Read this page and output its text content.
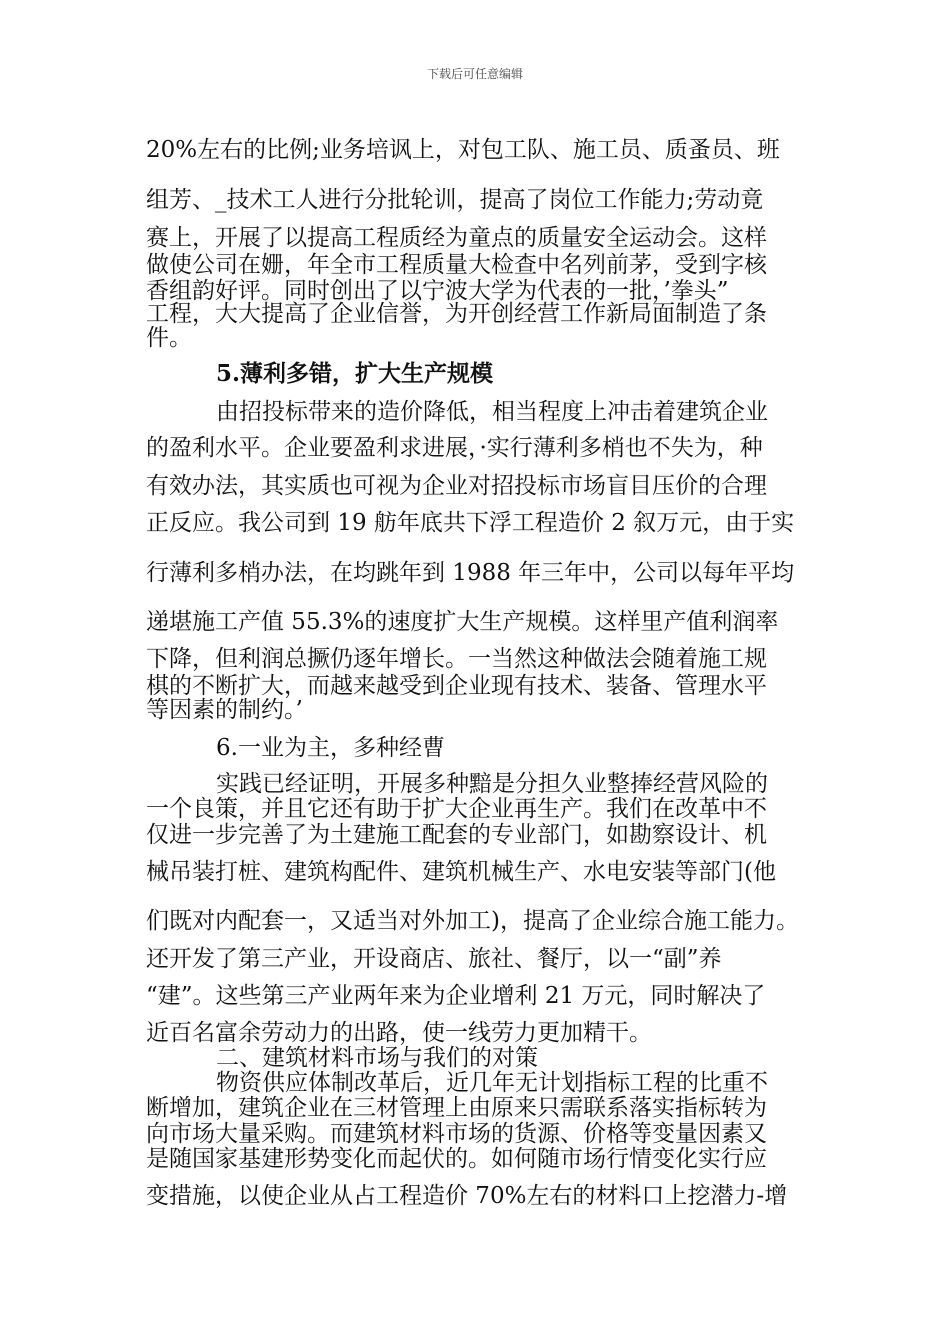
下载后可任意编辑
20%左右的比例;业务培讽上，对包工队、施工员、质蚤员、班
组芳、_技术工人进行分批轮训，提高了岗位工作能力;劳动竟
赛上，开展了以提高工程质经为童点的质量安全运动会。这样
做使公司在姗，年全市工程质量大检查中名列前茅，受到字核
香组韵好评。同时创出了以宁波大学为代表的一批，’拳头”
工程，大大提高了企业信誉，为开创经营工作新局面制造了条
件。
5.薄利多错，扩大生产规模
由招投标带来的造价降低，相当程度上冲击着建筑企业
的盈利水平。企业要盈利求进展，·实行薄利多梢也不失为，种
有效办法，其实质也可视为企业对招投标市场盲目压价的合理
正反应。我公司到 19 舫年底共下浮工程造价 2 叙万元，由于实
行薄利多梢办法，在均跳年到 1988 年三年中，公司以每年平均
递堪施工产值 55.3%的速度扩大生产规模。这样里产值利润率
下降，但利润总撅仍逐年增长。一当然这种做法会随着施工规
棋的不断扩大，而越来越受到企业现有技术、装备、管理水平
等因素的制约。’
6.一业为主，多种经曹
实践已经证明，开展多种黯是分担久业整捧经营风险的
一个良策，并且它还有助于扩大企业再生产。我们在改革中不
仅进一步完善了为土建施工配套的专业部门，如勘察设计、机
械吊装打桩、建筑构配件、建筑机械生产、水电安装等部门(他
们既对内配套一，又适当对外加工)，提高了企业综合施工能力。
还开发了第三产业，开设商店、旅社、餐厅，以一“副”养
“建”。这些第三产业两年来为企业增利 21 万元，同时解决了
近百名富余劳动力的出路，使一线劳力更加精干。
二、建筑材料市场与我们的对策
物资供应体制改革后，近几年无计划指标工程的比重不
断增加，建筑企业在三材管理上由原来只需联系落实指标转为
向市场大量采购。而建筑材料市场的货源、价格等变量因素又
是随国家基建形势变化而起伏的。如何随市场行情变化实行应
变措施，以使企业从占工程造价 70%左右的材料口上挖潜力-增
